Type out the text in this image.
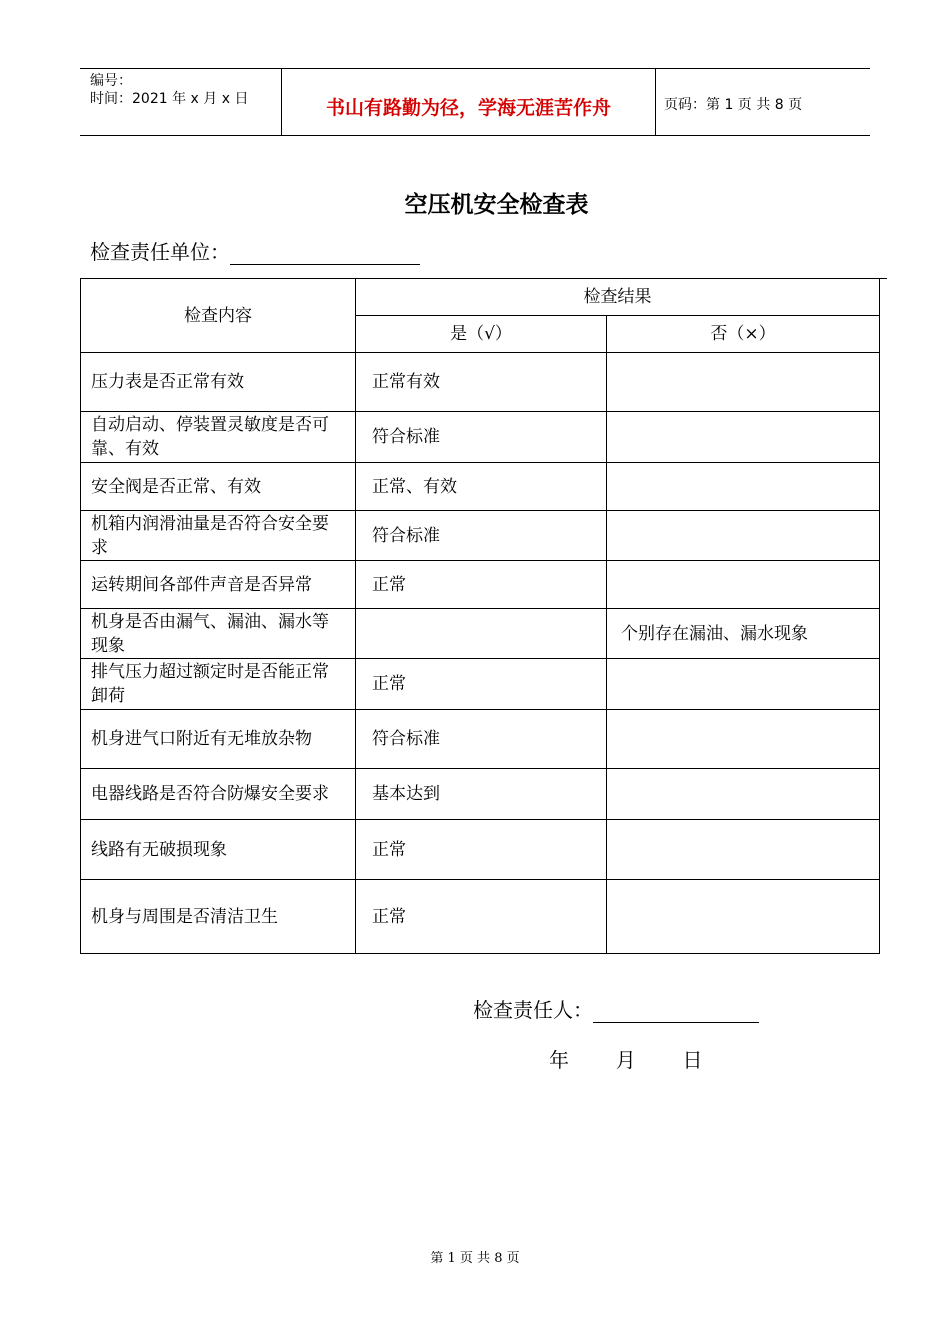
编号：
时间：2021 年 x 月 x 日	书山有路勤为径，学海无涯苦作舟	页码：第 1 页 共 8 页
空压机安全检查表
检查责任单位：
检查内容	检查结果	
	是（√）	否（×）
压力表是否正常有效	正常有效	
自动启动、停装置灵敏度是否可靠、有效	符合标准	
安全阀是否正常、有效	正常、有效	
机箱内润滑油量是否符合安全要求	符合标准	
运转期间各部件声音是否异常	正常	
机身是否由漏气、漏油、漏水等现象		个别存在漏油、漏水现象
排气压力超过额定时是否能正常卸荷	正常	
机身进气口附近有无堆放杂物	符合标准	
电器线路是否符合防爆安全要求	基本达到	
线路有无破损现象	正常	
机身与周围是否清洁卫生	正常	
检查责任人：
年 月 日
第 1 页 共 8 页
